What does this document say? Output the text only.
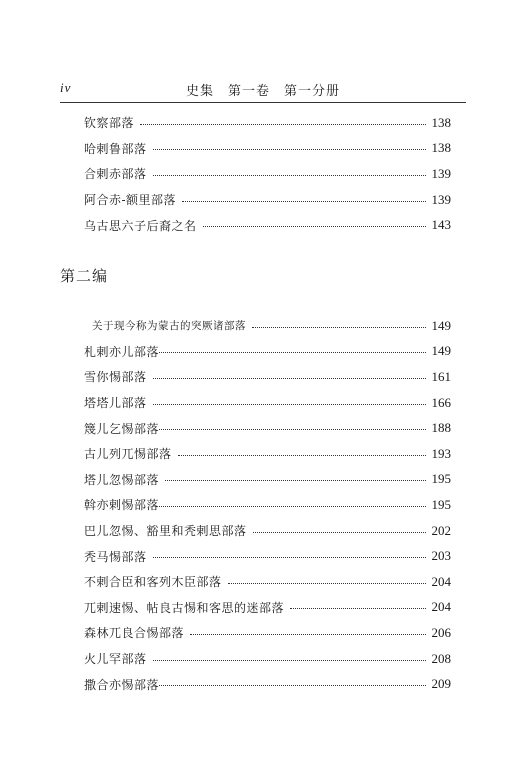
iv	史集　第一卷　第一分册
钦察部落	138
哈剌鲁部落	138
合剌赤部落	139
阿合赤-额里部落	139
乌古思六子后裔之名	143
第二编
关于现今称为蒙古的突厥诸部落	149
札剌亦儿部落	149
雪你惕部落	161
塔塔儿部落	166
篾儿乞惕部落	188
古儿列兀惕部落	193
塔儿忽惕部落	195
斡亦剌惕部落	195
巴儿忽惕、豁里和秃剌思部落	202
秃马惕部落	203
不剌合臣和客列木臣部落	204
兀剌速惕、帖良古惕和客思的迷部落	204
森林兀良合惕部落	206
火儿罕部落	208
撒合亦惕部落	209
